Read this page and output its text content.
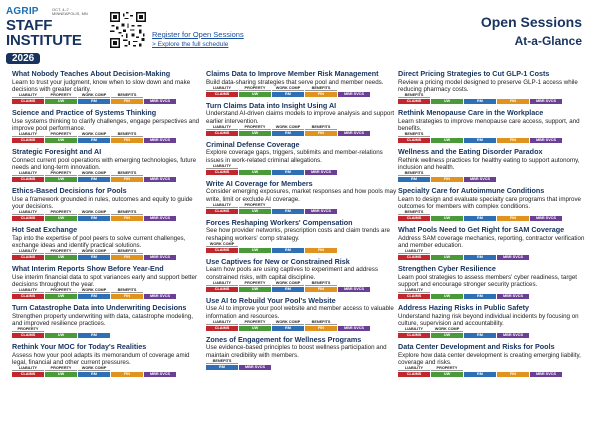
AGRIP	OCT. 4–7 · MINNEAPOLIS, MN
STAFF INSTITUTE
2026
Register for Open Sessions
> Explore the full schedule
Open Sessions
At-a-Glance
What Nobody Teaches About Decision-Making

Learn to trust your judgment, know when to slow down and make decisions with greater clarity.

LIABILITY	PROPERTY	WORK COMP	BENEFITS
CLAIMS	UW	RM	FIN	MBR SVCS
Science and Practice of Systems Thinking

Use systems thinking to clarify challenges, engage perspectives and improve pool performance.

LIABILITY	PROPERTY	WORK COMP	BENEFITS
CLAIMS	UW	RM	FIN	MBR SVCS
Strategic Foresight and AI

Connect current pool operations with emerging technologies, future needs and long-term innovation.

LIABILITY	PROPERTY	WORK COMP	BENEFITS
CLAIMS	UW	RM	FIN	MBR SVCS
Ethics-Based Decisions for Pools

Use a framework grounded in rules, outcomes and equity to guide your decisions.

LIABILITY	PROPERTY	WORK COMP	BENEFITS
CLAIMS	UW	RM	FIN	MBR SVCS
Hot Seat Exchange

Tap into the expertise of pool peers to solve current challenges, exchange ideas and identify practical solutions.

LIABILITY	PROPERTY	WORK COMP	BENEFITS
CLAIMS	UW	RM	FIN	MBR SVCS
What Interim Reports Show Before Year-End

Use interim financial data to spot variances early and support better decisions throughout the year.

LIABILITY	PROPERTY	WORK COMP	BENEFITS
CLAIMS	UW	RM	FIN	MBR SVCS
Turn Catastrophe Data into Underwriting Decisions

Strengthen property underwriting with data, catastrophe modeling, and improved resilience practices.

PROPERTY
CLAIMS	UW	RM
Rethink Your MOC for Today's Realities

Assess how your pool adapts its memorandum of coverage amid legal, financial and other current pressures.

LIABILITY	PROPERTY	WORK COMP
CLAIMS	UW	RM	FIN	MBR SVCS
Claims Data to Improve Member Risk Management

Build data-sharing strategies that serve pool and member needs.

LIABILITY	PROPERTY	WORK COMP	BENEFITS
CLAIMS	UW	RM	FIN	MBR SVCS
Turn Claims Data into Insight Using AI

Understand AI-driven claims models to improve analysis and support earlier intervention.

LIABILITY	PROPERTY	WORK COMP	BENEFITS
CLAIMS	UW	RM	FIN	MBR SVCS
Criminal Defense Coverage

Explore coverage gaps, triggers, sublimits and member-relations issues in work-related criminal allegations.

LIABILITY
CLAIMS	UW	RM	MBR SVCS
Write AI Coverage for Members

Consider emerging exposures, market responses and how pools may write, limit or exclude AI coverage.

LIABILITY	PROPERTY
CLAIMS	UW	RM	MBR SVCS
Forces Reshaping Workers' Compensation

See how provider networks, prescription costs and claim trends are reshaping workers' comp strategy.

WORK COMP
CLAIMS	UW	RM	FIN
Use Captives for New or Constrained Risk

Learn how pools are using captives to experiment and address constrained risks, with capital discipline.

LIABILITY	PROPERTY	WORK COMP	BENEFITS
CLAIMS	UW	RM	FIN	MBR SVCS
Use AI to Rebuild Your Pool's Website

Use AI to improve your pool website and member access to valuable information and resources.

LIABILITY	PROPERTY	WORK COMP	BENEFITS
CLAIMS	UW	RM	FIN	MBR SVCS
Zones of Engagement for Wellness Programs

Use evidence-based principles to boost wellness participation and maintain credibility with members.

BENEFITS
RM	MBR SVCS
Direct Pricing Strategies to Cut GLP-1 Costs

Review a pricing model designed to preserve GLP-1 access while reducing pharmacy costs.

BENEFITS
CLAIMS	UW	RM	FIN	MBR SVCS
Rethink Menopause Care in the Workplace

Learn strategies to improve menopause care access, support, and benefits.

BENEFITS
CLAIMS	UW	RM	FIN	MBR SVCS
Wellness and the Eating Disorder Paradox

Rethink wellness practices for healthy eating to support autonomy, inclusion and health.

BENEFITS
RM	FIN	MBR SVCS
Specialty Care for Autoimmune Conditions

Learn to design and evaluate specialty care programs that improve outcomes for members with complex conditions.

BENEFITS
CLAIMS	UW	RM	FIN	MBR SVCS
What Pools Need to Get Right for SAM Coverage

Address SAM coverage mechanics, reporting, contractor verification and member education.

LIABILITY
CLAIMS	UW	RM	MBR SVCS
Strengthen Cyber Resilience

Learn pool strategies to assess members' cyber readiness, target support and encourage stronger security practices.

LIABILITY
CLAIMS	UW	RM	MBR SVCS
Address Hazing Risks in Public Safety

Understand hazing risk beyond individual incidents by focusing on culture, supervision and accountability.

LIABILITY	WORK COMP
CLAIMS	UW	RM	MBR SVCS
Data Center Development and Risks for Pools

Explore how data center development is creating emerging liability, coverage and risks.

LIABILITY	PROPERTY
CLAIMS	UW	RM	FIN	MBR SVCS
